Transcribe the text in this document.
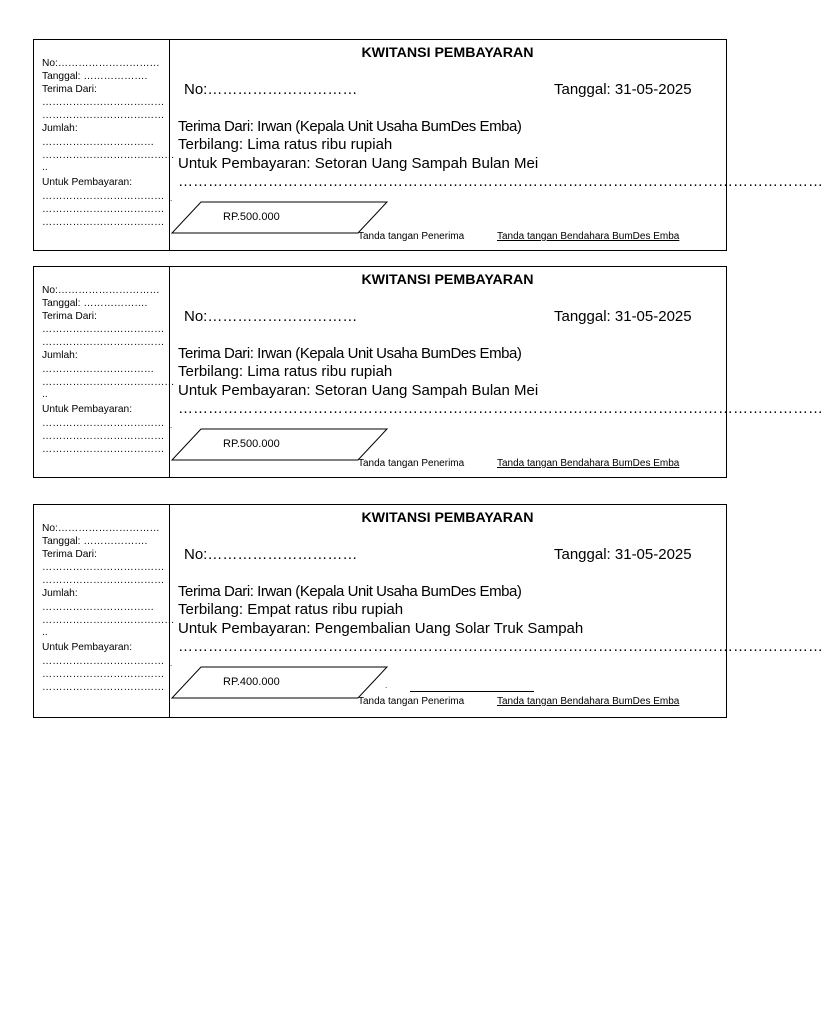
No:…………………………
Tanggal: ……………….
Terima Dari:
………………………………
………………………………
Jumlah:
……………………………
…………………………………
..
Untuk Pembayaran:
………………………………
………………………………
………………………………
KWITANSI PEMBAYARAN
No:…………………………	Tanggal: 31-05-2025
Terima Dari: Irwan (Kepala Unit Usaha BumDes Emba)
Terbilang: Lima ratus ribu rupiah
Untuk Pembayaran: Setoran Uang Sampah Bulan Mei
…………………………………………………………………………………………………………………
.
RP.500.000
Tanda tangan Penerima	Tanda tangan Bendahara BumDes Emba
No:…………………………
Tanggal: ……………….
Terima Dari:
………………………………
………………………………
Jumlah:
……………………………
…………………………………
..
Untuk Pembayaran:
………………………………
………………………………
………………………………
KWITANSI PEMBAYARAN
No:…………………………	Tanggal: 31-05-2025
Terima Dari: Irwan (Kepala Unit Usaha BumDes Emba)
Terbilang: Lima ratus ribu rupiah
Untuk Pembayaran: Setoran Uang Sampah Bulan Mei
…………………………………………………………………………………………………………………
.
RP.500.000
Tanda tangan Penerima	Tanda tangan Bendahara BumDes Emba
No:…………………………
Tanggal: ……………….
Terima Dari:
………………………………
………………………………
Jumlah:
……………………………
…………………………………
..
Untuk Pembayaran:
………………………………
………………………………
………………………………
KWITANSI PEMBAYARAN
No:…………………………	Tanggal: 31-05-2025
Terima Dari: Irwan (Kepala Unit Usaha BumDes Emba)
Terbilang: Empat ratus ribu rupiah
Untuk Pembayaran: Pengembalian Uang Solar Truk Sampah
…………………………………………………………………………………………………………………
.
RP.400.000	.
Tanda tangan Penerima	Tanda tangan Bendahara BumDes Emba
